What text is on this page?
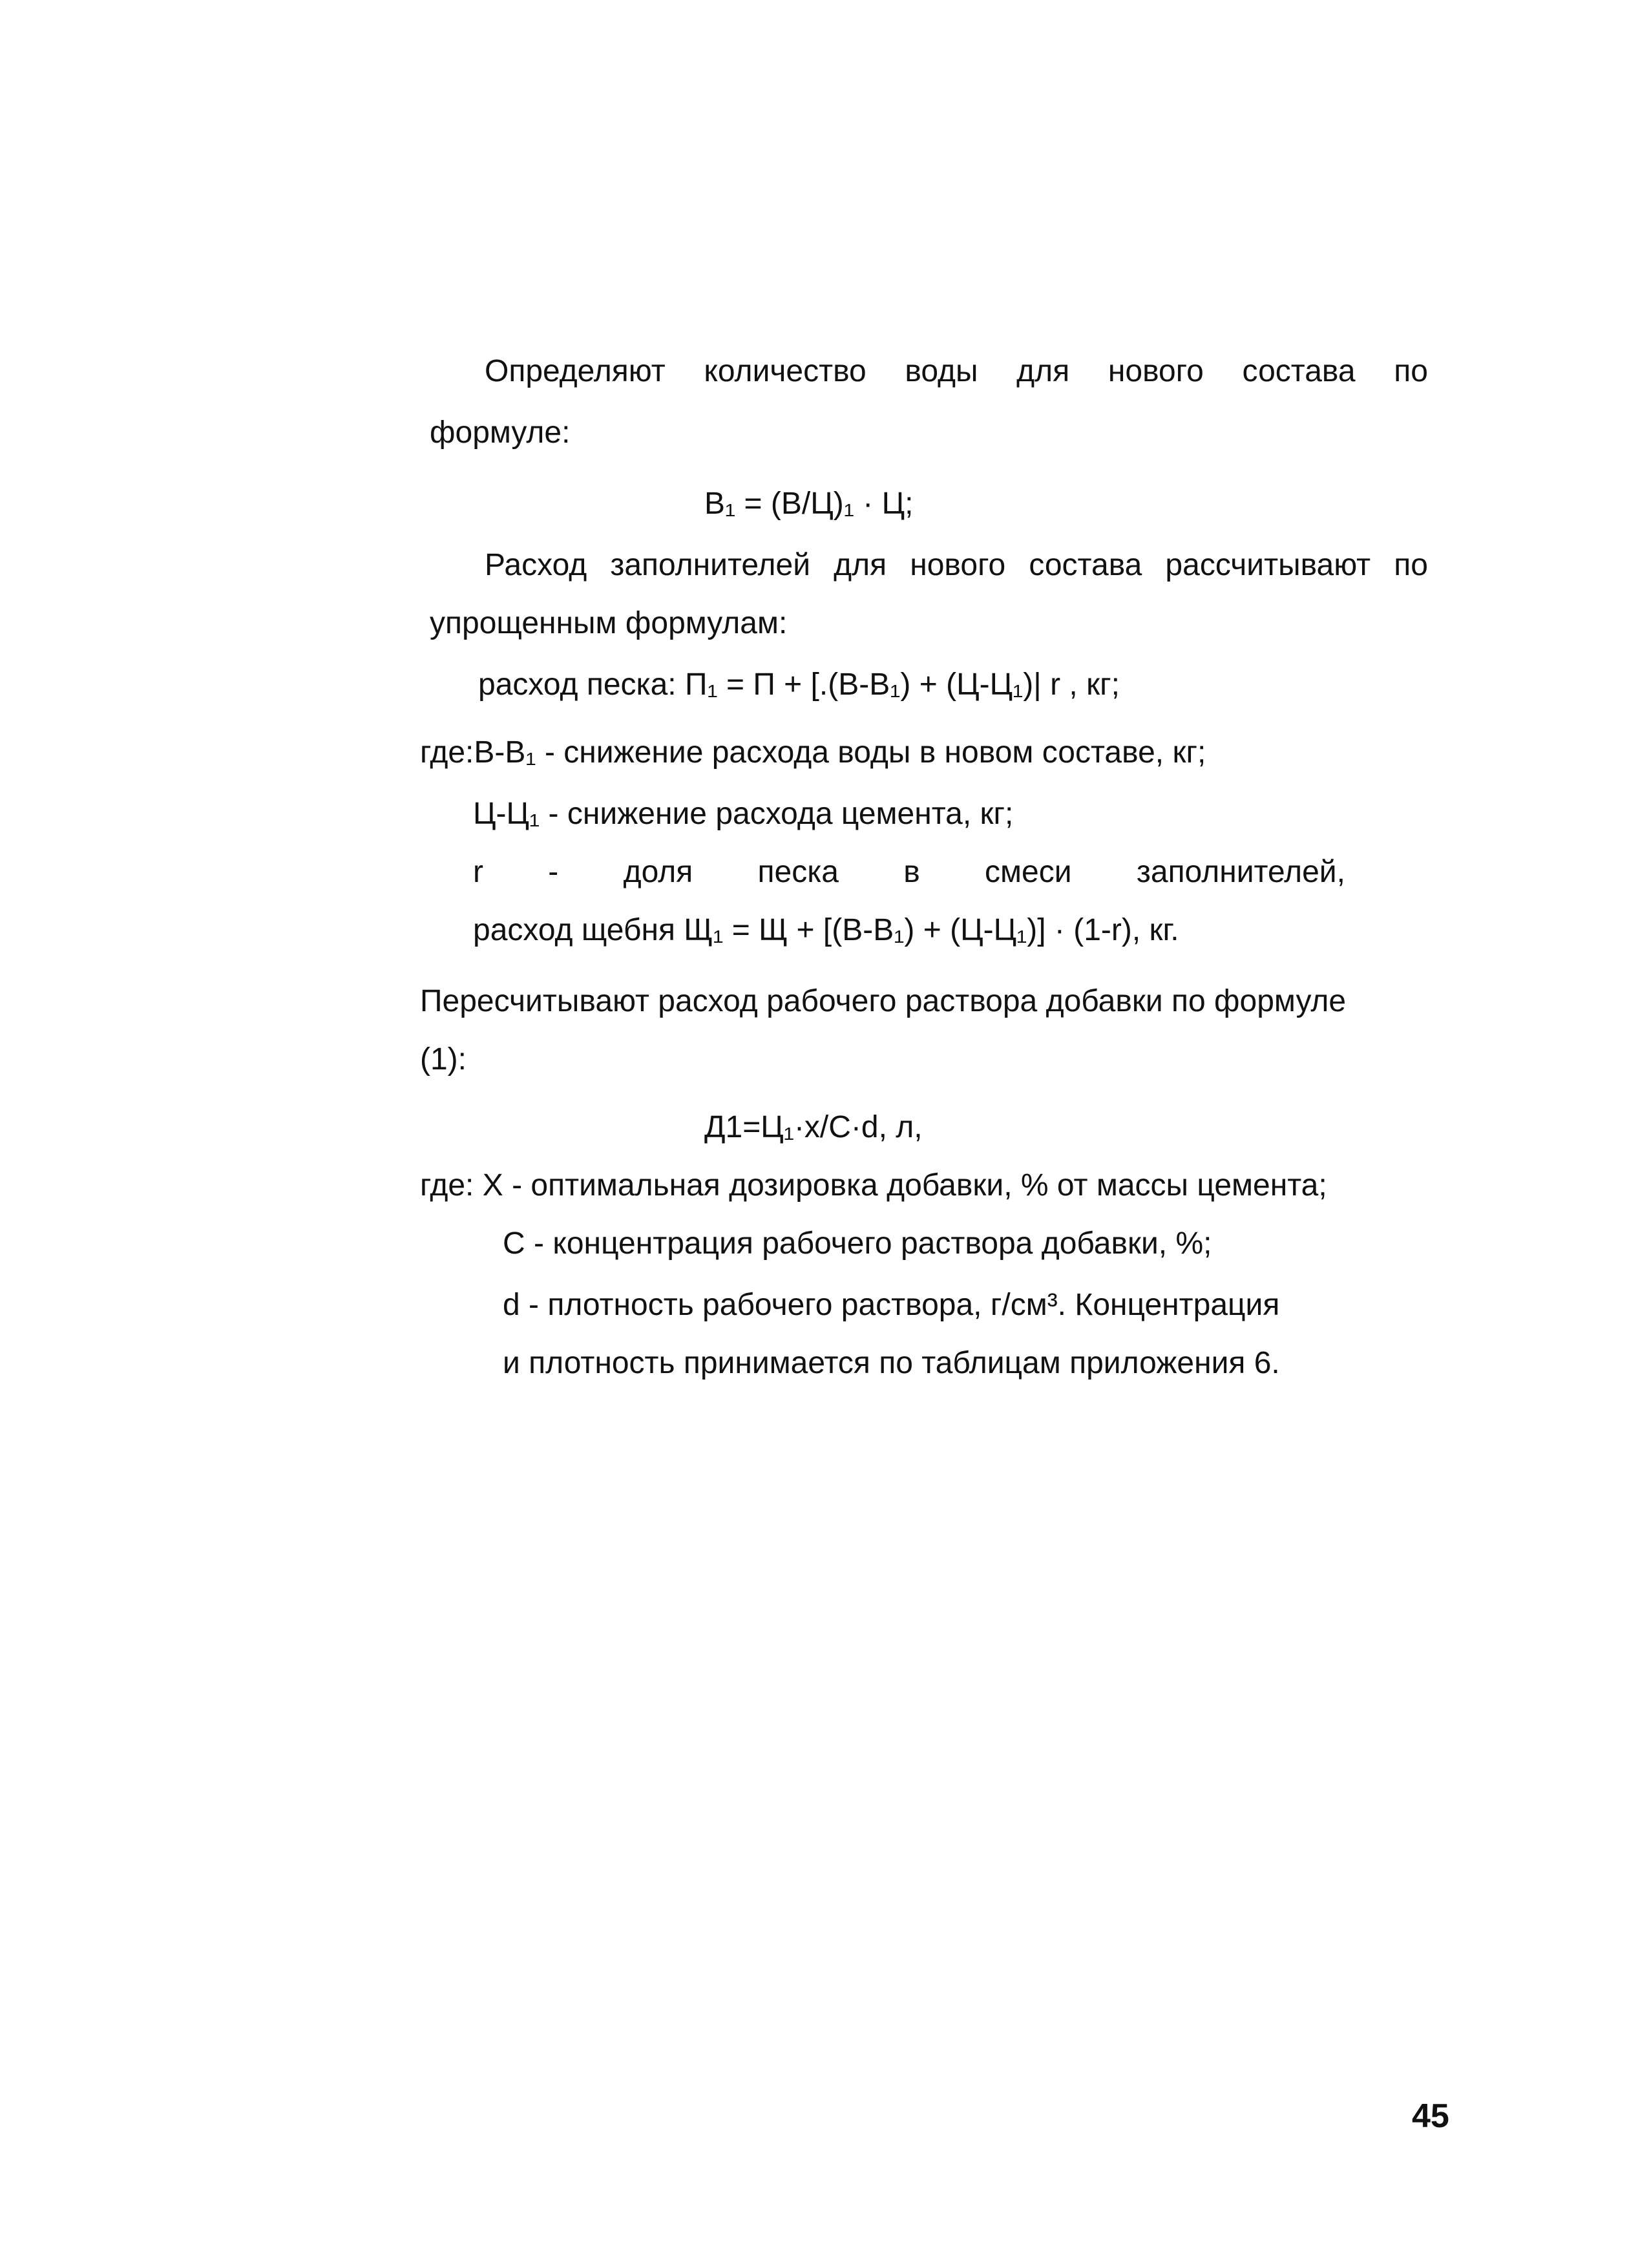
Определяют количество воды для нового состава по
формуле:
В₁ = (В/Ц)₁ · Ц;
Расход заполнителей для нового состава рассчитывают по
упрощенным формулам:
расход песка: П₁ = П + [.(В-В₁) + (Ц-Ц₁)| r , кг;
где:В-В₁ - снижение расхода воды в новом составе, кг;
Ц-Ц₁ - снижение расхода цемента, кг;
r - доля песка в смеси заполнителей,
расход щебня Щ₁ = Щ + [(В-В₁) + (Ц-Ц₁)] · (1-r), кг.
Пересчитывают расход рабочего раствора добавки по формуле
(1):
Д1=Ц₁·х/С·d, л,
где: Х - оптимальная дозировка добавки, % от массы цемента;
С - концентрация рабочего раствора добавки, %;
d - плотность рабочего раствора, г/см³. Концентрация
и плотность принимается по таблицам приложения 6.
45
